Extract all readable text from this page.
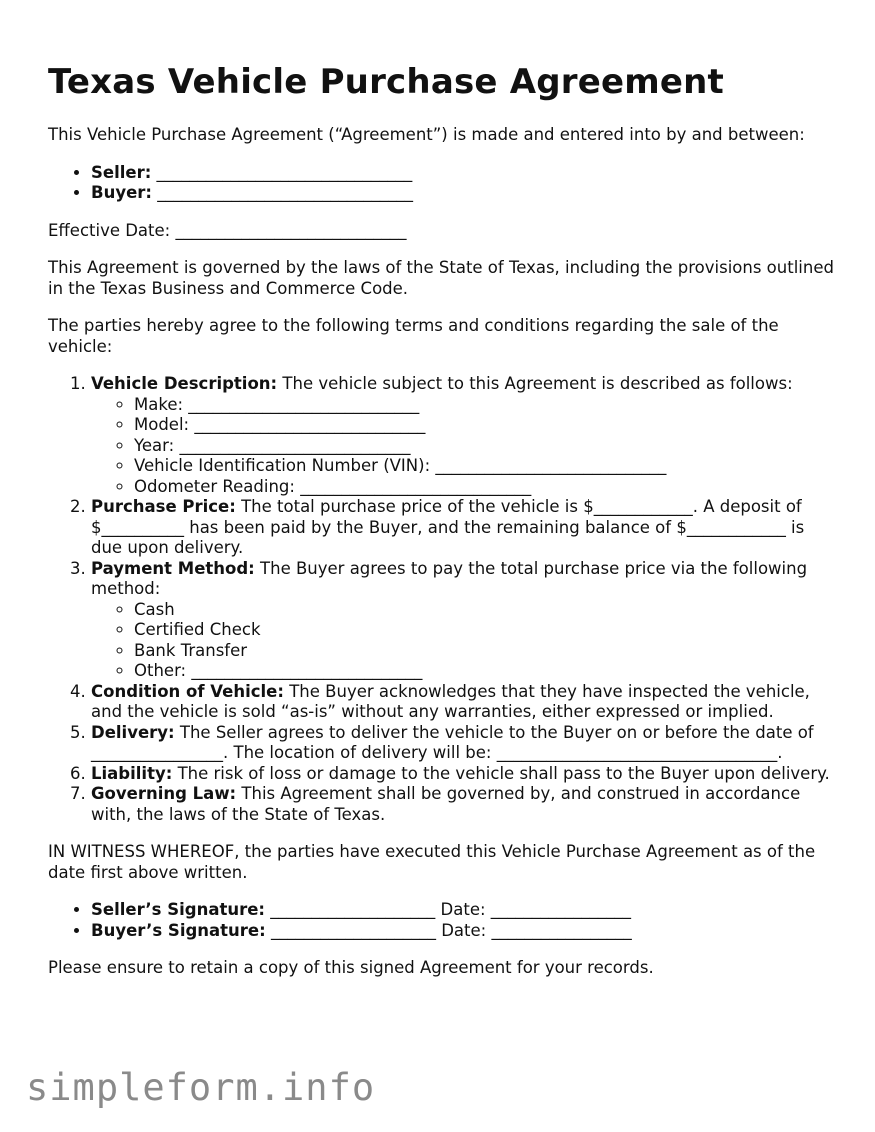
Texas Vehicle Purchase Agreement

This Vehicle Purchase Agreement (“Agreement”) is made and entered into by and between:

• Seller: _______________________________
• Buyer: _______________________________

Effective Date: ____________________________

This Agreement is governed by the laws of the State of Texas, including the provisions outlined in the Texas Business and Commerce Code.

The parties hereby agree to the following terms and conditions regarding the sale of the vehicle:

1. Vehicle Description: The vehicle subject to this Agreement is described as follows:
◦ Make: ____________________________
◦ Model: ____________________________
◦ Year: ____________________________
◦ Vehicle Identification Number (VIN): ____________________________
◦ Odometer Reading: ____________________________
2. Purchase Price: The total purchase price of the vehicle is $____________. A deposit of $__________ has been paid by the Buyer, and the remaining balance of $____________ is due upon delivery.
3. Payment Method: The Buyer agrees to pay the total purchase price via the following method:
◦ Cash
◦ Certified Check
◦ Bank Transfer
◦ Other: ____________________________
4. Condition of Vehicle: The Buyer acknowledges that they have inspected the vehicle, and the vehicle is sold “as-is” without any warranties, either expressed or implied.
5. Delivery: The Seller agrees to deliver the vehicle to the Buyer on or before the date of ________________. The location of delivery will be: __________________________________.
6. Liability: The risk of loss or damage to the vehicle shall pass to the Buyer upon delivery.
7. Governing Law: This Agreement shall be governed by, and construed in accordance with, the laws of the State of Texas.

IN WITNESS WHEREOF, the parties have executed this Vehicle Purchase Agreement as of the date first above written.

• Seller’s Signature: ____________________ Date: _________________
• Buyer’s Signature: ____________________ Date: _________________

Please ensure to retain a copy of this signed Agreement for your records.

simpleform.info
